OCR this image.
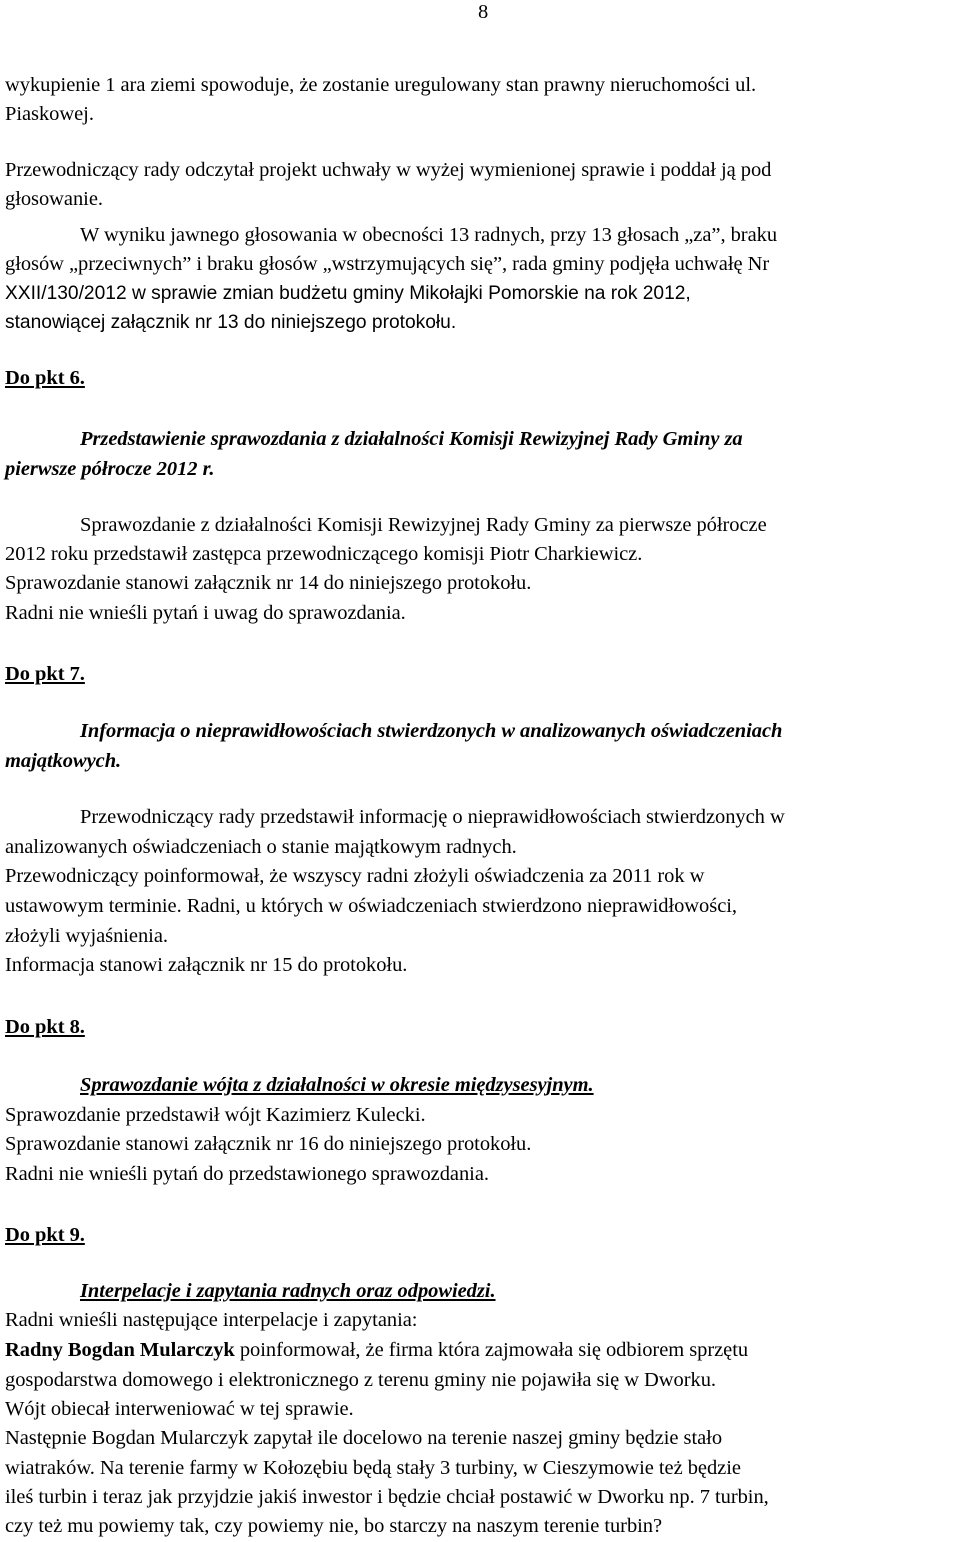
8
wykupienie 1 ara ziemi spowoduje, że zostanie uregulowany stan prawny nieruchomości ul.
Piaskowej.
Przewodniczący rady odczytał projekt uchwały w wyżej wymienionej sprawie i poddał ją pod
głosowanie.
W wyniku jawnego głosowania w obecności 13 radnych, przy 13 głosach „za”, braku
głosów „przeciwnych” i braku głosów „wstrzymujących się”, rada gminy podjęła uchwałę Nr
XXII/130/2012 w sprawie zmian budżetu gminy Mikołajki Pomorskie na rok 2012,
stanowiącej załącznik nr 13 do niniejszego protokołu.
Do pkt 6.
Przedstawienie sprawozdania z działalności Komisji Rewizyjnej Rady Gminy za
pierwsze półrocze 2012 r.
Sprawozdanie z działalności Komisji Rewizyjnej Rady Gminy za pierwsze półrocze
2012 roku przedstawił zastępca przewodniczącego komisji Piotr Charkiewicz.
Sprawozdanie stanowi załącznik nr 14 do niniejszego protokołu.
Radni nie wnieśli pytań i uwag do sprawozdania.
Do pkt 7.
Informacja o nieprawidłowościach stwierdzonych w analizowanych oświadczeniach
majątkowych.
Przewodniczący rady przedstawił informację o nieprawidłowościach stwierdzonych w
analizowanych oświadczeniach o stanie majątkowym radnych.
Przewodniczący poinformował, że wszyscy radni złożyli oświadczenia za 2011 rok w
ustawowym terminie. Radni, u których w oświadczeniach stwierdzono nieprawidłowości,
złożyli wyjaśnienia.
Informacja stanowi załącznik nr 15 do protokołu.
Do pkt 8.
Sprawozdanie wójta z działalności w okresie międzysesyjnym.
Sprawozdanie przedstawił wójt Kazimierz Kulecki.
Sprawozdanie stanowi załącznik nr 16 do niniejszego protokołu.
Radni nie wnieśli pytań do przedstawionego sprawozdania.
Do pkt 9.
Interpelacje i zapytania radnych oraz odpowiedzi.
Radni wnieśli następujące interpelacje i zapytania:
Radny Bogdan Mularczyk poinformował, że firma która zajmowała się odbiorem sprzętu
gospodarstwa domowego i elektronicznego z terenu gminy nie pojawiła się w Dworku.
Wójt obiecał interweniować w tej sprawie.
Następnie Bogdan Mularczyk zapytał ile docelowo na terenie naszej gminy będzie stało
wiatraków. Na terenie farmy w Kołozębiu będą stały 3 turbiny, w Cieszymowie też będzie
ileś turbin i teraz jak przyjdzie jakiś inwestor i będzie chciał postawić w Dworku np. 7 turbin,
czy też mu powiemy tak, czy powiemy nie, bo starczy na naszym terenie turbin?
